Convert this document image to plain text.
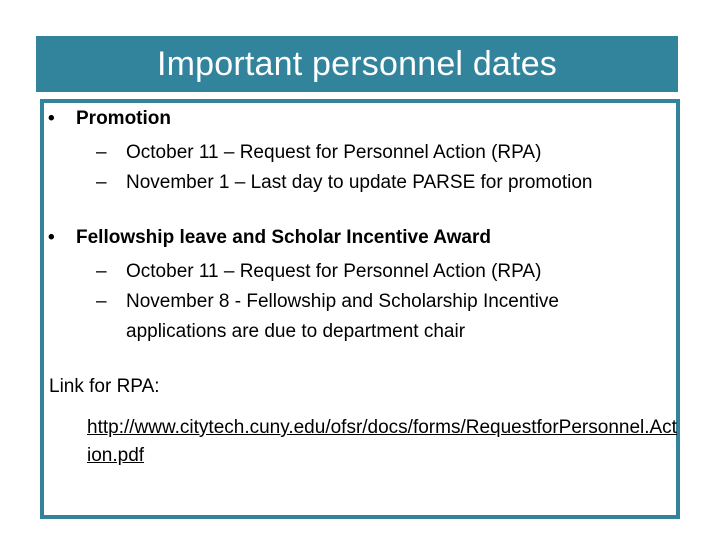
Important personnel dates
•	Promotion
–	October 11 – Request for Personnel Action (RPA)
–	November 1 – Last day to update PARSE for promotion
•	Fellowship leave and Scholar Incentive Award
–	October 11 – Request for Personnel Action (RPA)
–	November 8 - Fellowship and Scholarship Incentive applications are due to department chair
Link for RPA:
http://www.citytech.cuny.edu/ofsr/docs/forms/RequestforPersonnel.Action.pdf
